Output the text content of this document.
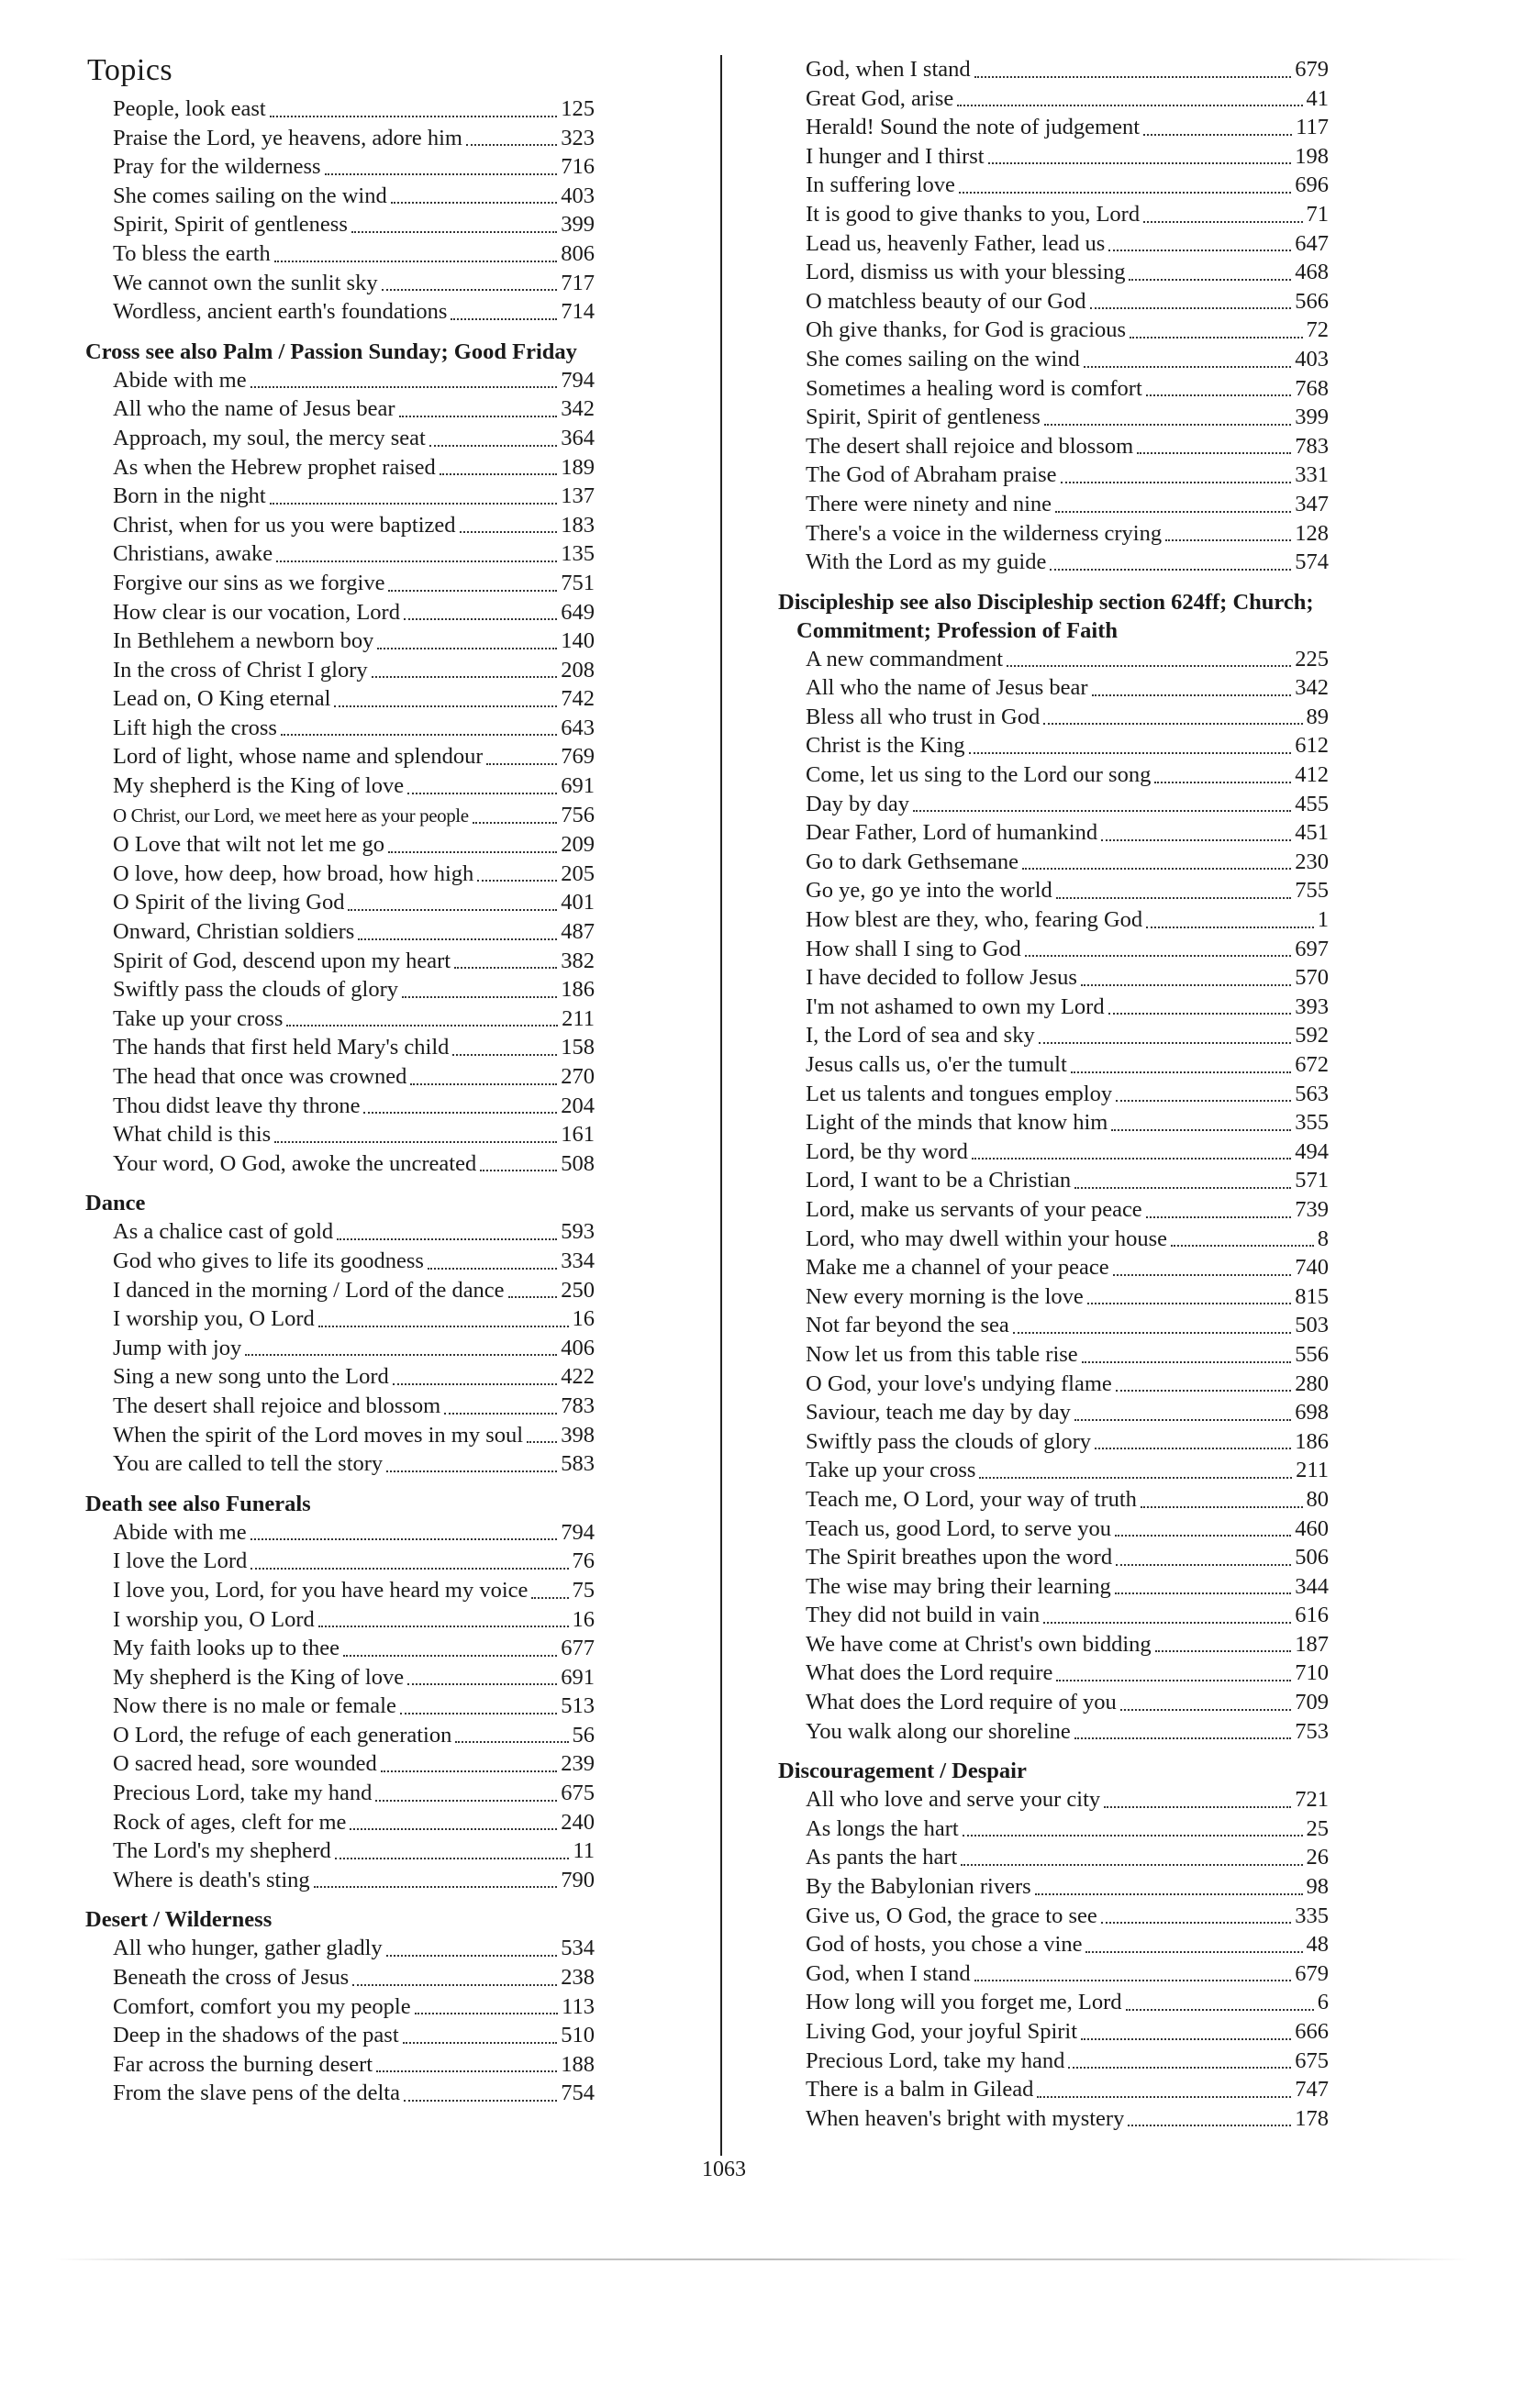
Topics
People, look east	125
Praise the Lord, ye heavens, adore him	323
Pray for the wilderness	716
She comes sailing on the wind	403
Spirit, Spirit of gentleness	399
To bless the earth	806
We cannot own the sunlit sky	717
Wordless, ancient earth's foundations	714
Cross see also Palm / Passion Sunday; Good Friday
Abide with me	794
All who the name of Jesus bear	342
Approach, my soul, the mercy seat	364
As when the Hebrew prophet raised	189
Born in the night	137
Christ, when for us you were baptized	183
Christians, awake	135
Forgive our sins as we forgive	751
How clear is our vocation, Lord	649
In Bethlehem a newborn boy	140
In the cross of Christ I glory	208
Lead on, O King eternal	742
Lift high the cross	643
Lord of light, whose name and splendour	769
My shepherd is the King of love	691
O Christ, our Lord, we meet here as your people	756
O Love that wilt not let me go	209
O love, how deep, how broad, how high	205
O Spirit of the living God	401
Onward, Christian soldiers	487
Spirit of God, descend upon my heart	382
Swiftly pass the clouds of glory	186
Take up your cross	211
The hands that first held Mary's child	158
The head that once was crowned	270
Thou didst leave thy throne	204
What child is this	161
Your word, O God, awoke the uncreated	508
Dance
As a chalice cast of gold	593
God who gives to life its goodness	334
I danced in the morning / Lord of the dance	250
I worship you, O Lord	16
Jump with joy	406
Sing a new song unto the Lord	422
The desert shall rejoice and blossom	783
When the spirit of the Lord moves in my soul 398
You are called to tell the story	583
Death see also Funerals
Abide with me	794
I love the Lord	76
I love you, Lord, for you have heard my voice 75
I worship you, O Lord	16
My faith looks up to thee	677
My shepherd is the King of love	691
Now there is no male or female	513
O Lord, the refuge of each generation	56
O sacred head, sore wounded	239
Precious Lord, take my hand	675
Rock of ages, cleft for me	240
The Lord's my shepherd	11
Where is death's sting	790
Desert / Wilderness
All who hunger, gather gladly	534
Beneath the cross of Jesus	238
Comfort, comfort you my people	113
Deep in the shadows of the past	510
Far across the burning desert	188
From the slave pens of the delta	754
God, when I stand	679
Great God, arise	41
Herald! Sound the note of judgement	117
I hunger and I thirst	198
In suffering love	696
It is good to give thanks to you, Lord	71
Lead us, heavenly Father, lead us	647
Lord, dismiss us with your blessing	468
O matchless beauty of our God	566
Oh give thanks, for God is gracious	72
She comes sailing on the wind	403
Sometimes a healing word is comfort	768
Spirit, Spirit of gentleness	399
The desert shall rejoice and blossom	783
The God of Abraham praise	331
There were ninety and nine	347
There's a voice in the wilderness crying	128
With the Lord as my guide	574
Discipleship see also Discipleship section 624ff; Church; Commitment; Profession of Faith
A new commandment	225
All who the name of Jesus bear	342
Bless all who trust in God	89
Christ is the King	612
Come, let us sing to the Lord our song	412
Day by day	455
Dear Father, Lord of humankind	451
Go to dark Gethsemane	230
Go ye, go ye into the world	755
How blest are they, who, fearing God	1
How shall I sing to God	697
I have decided to follow Jesus	570
I'm not ashamed to own my Lord	393
I, the Lord of sea and sky	592
Jesus calls us, o'er the tumult	672
Let us talents and tongues employ	563
Light of the minds that know him	355
Lord, be thy word	494
Lord, I want to be a Christian	571
Lord, make us servants of your peace	739
Lord, who may dwell within your house	8
Make me a channel of your peace	740
New every morning is the love	815
Not far beyond the sea	503
Now let us from this table rise	556
O God, your love's undying flame	280
Saviour, teach me day by day	698
Swiftly pass the clouds of glory	186
Take up your cross	211
Teach me, O Lord, your way of truth	80
Teach us, good Lord, to serve you	460
The Spirit breathes upon the word	506
The wise may bring their learning	344
They did not build in vain	616
We have come at Christ's own bidding	187
What does the Lord require	710
What does the Lord require of you	709
You walk along our shoreline	753
Discouragement / Despair
All who love and serve your city	721
As longs the hart	25
As pants the hart	26
By the Babylonian rivers	98
Give us, O God, the grace to see	335
God of hosts, you chose a vine	48
God, when I stand	679
How long will you forget me, Lord	6
Living God, your joyful Spirit	666
Precious Lord, take my hand	675
There is a balm in Gilead	747
When heaven's bright with mystery	178
1063
